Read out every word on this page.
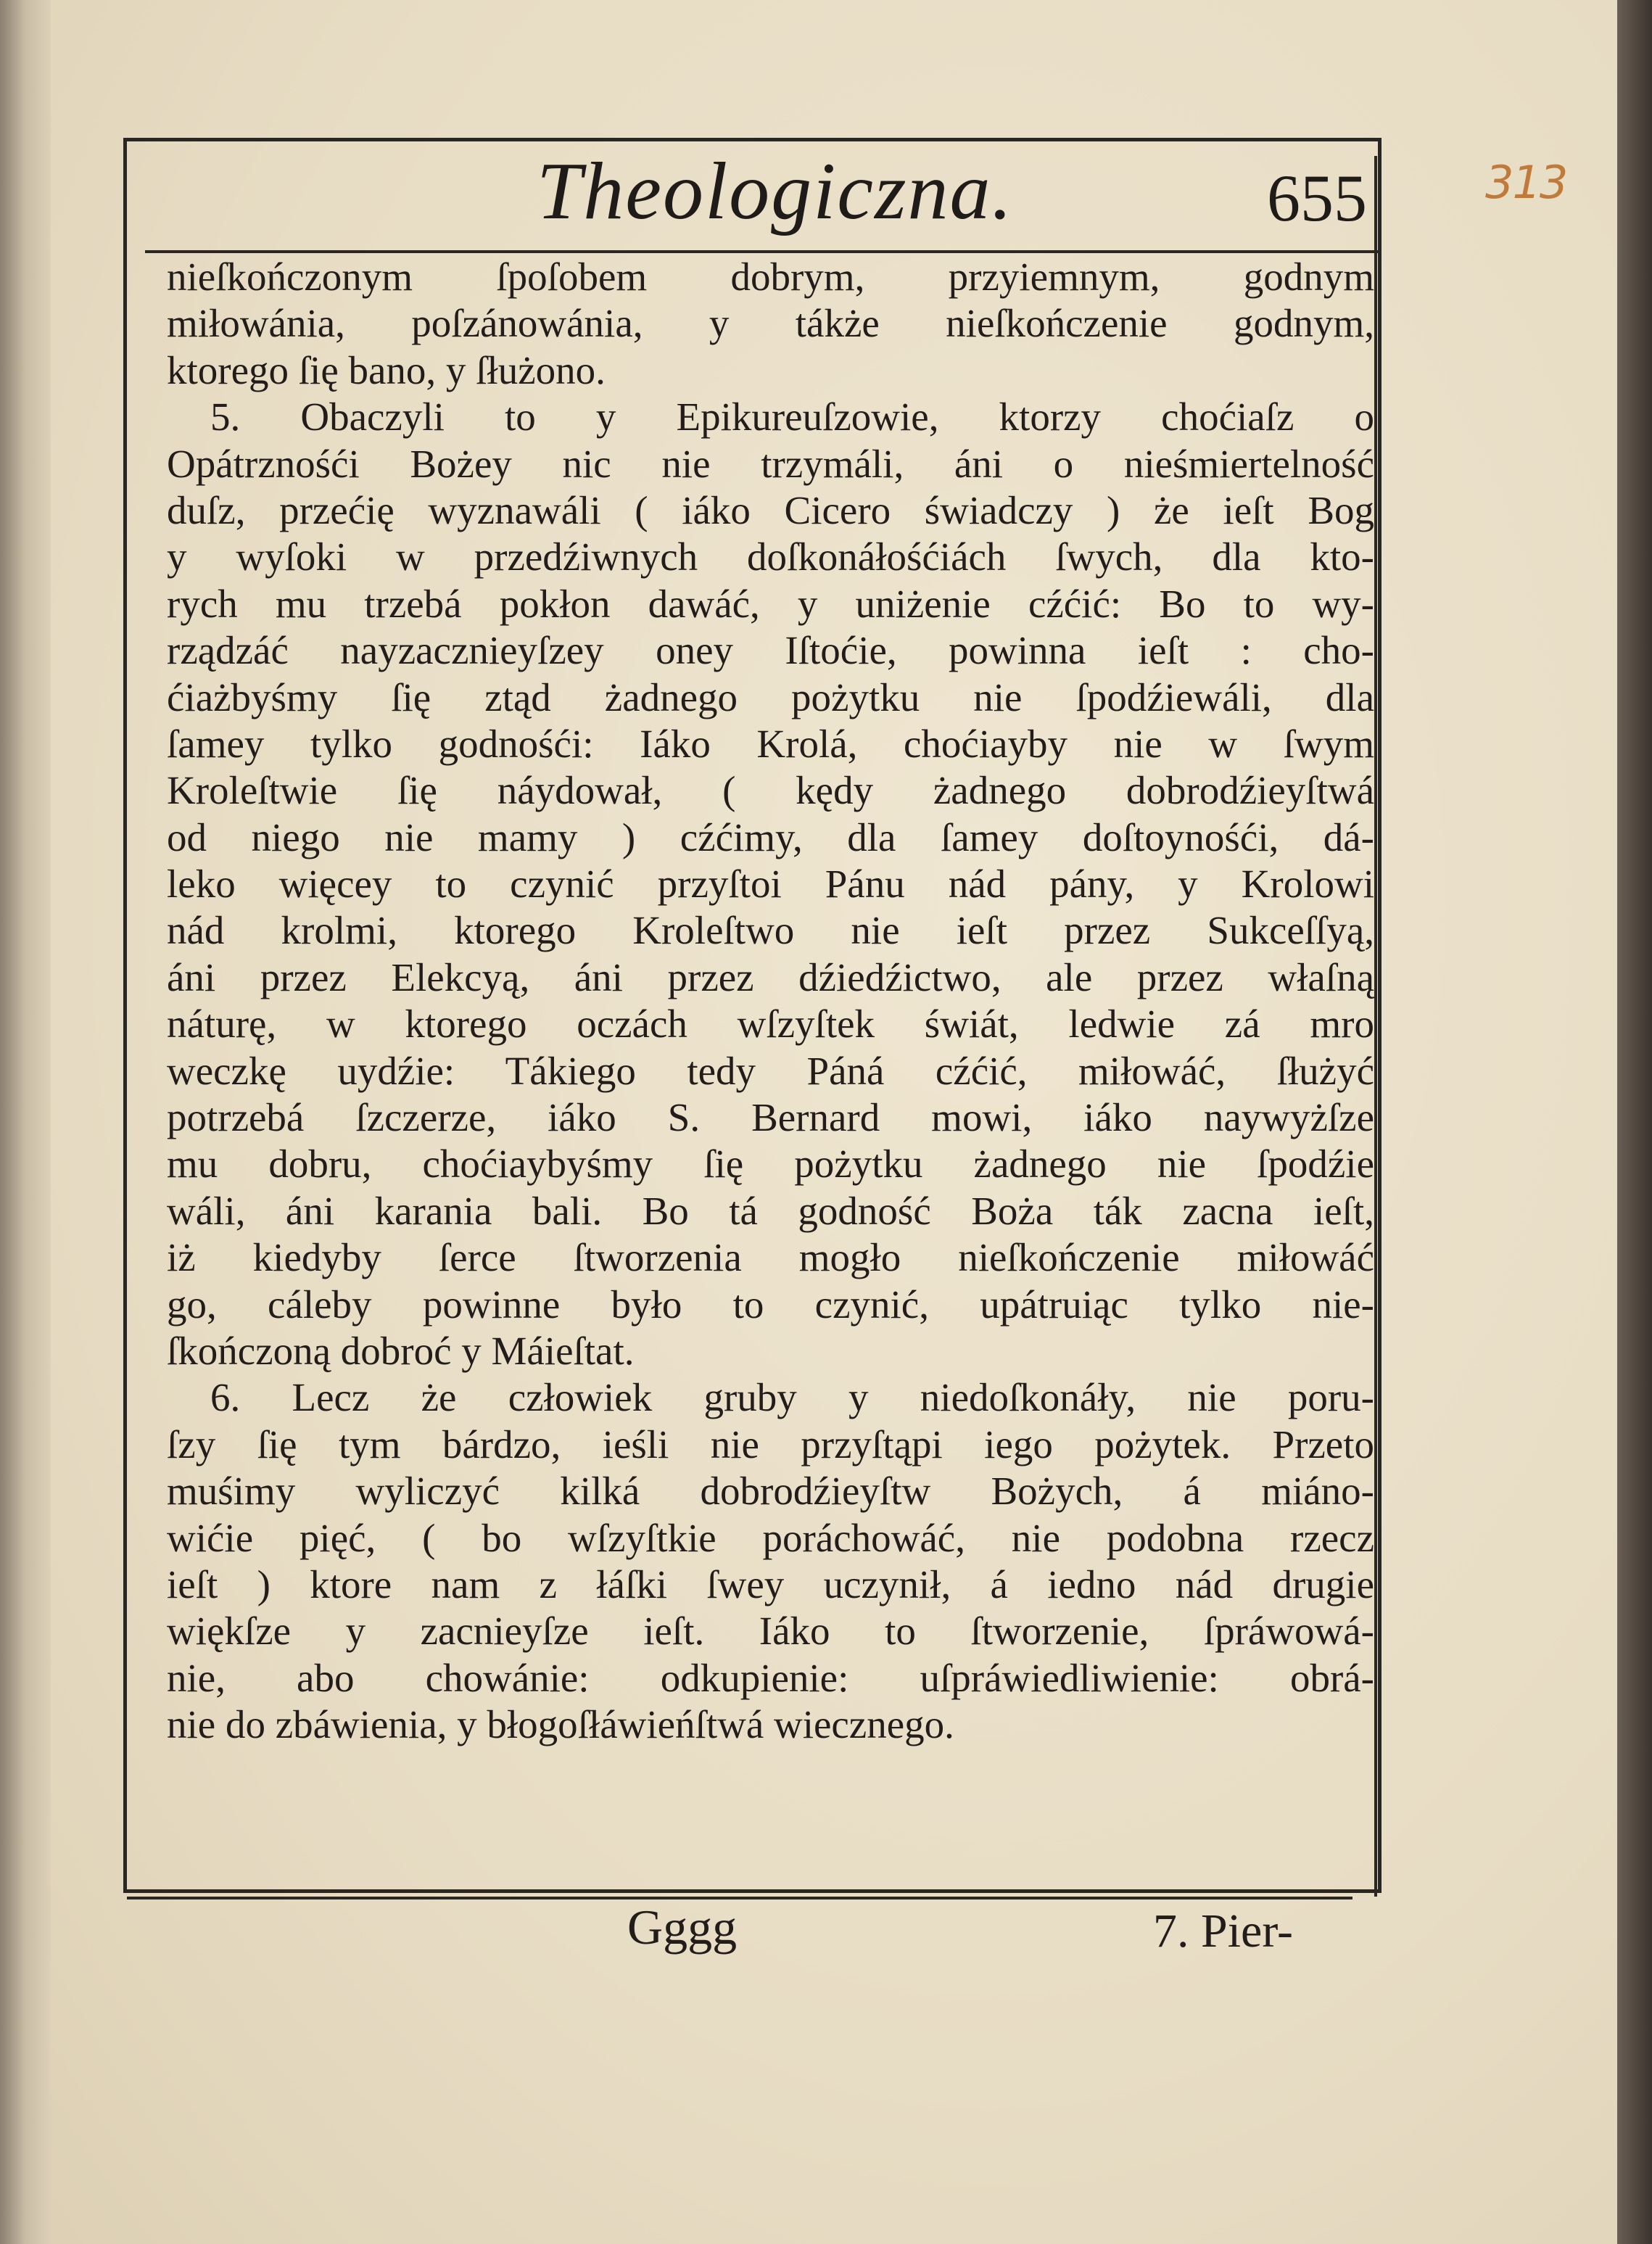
Theologiczna.	655	313
nieſkończonym ſpoſobem dobrym, przyiemnym, godnym
miłowánia, poſzánowánia, y tákże nieſkończenie godnym,
ktorego ſię bano, y ſłużono.
5. Obaczyli to y Epikureuſzowie, ktorzy choćiaſz o
Opátrznośći Bożey nic nie trzymáli, áni o nieśmiertelność
duſz, przećię wyznawáli ( iáko Cicero świadczy ) że ieſt Bog
y wyſoki w przedźiwnych doſkonáłośćiách ſwych, dla kto-
rych mu trzebá pokłon dawáć, y uniżenie cźćić: Bo to wy-
rządzáć nayzacznieyſzey oney Iſtoćie, powinna ieſt : cho-
ćiażbyśmy ſię ztąd żadnego pożytku nie ſpodźiewáli, dla
ſamey tylko godnośći: Iáko Krolá, choćiayby nie w ſwym
Kroleſtwie ſię náydował, ( kędy żadnego dobrodźieyſtwá
od niego nie mamy ) cźćimy, dla ſamey doſtoynośći, dá-
leko więcey to czynić przyſtoi Pánu nád pány, y Krolowi
nád krolmi, ktorego Kroleſtwo nie ieſt przez Sukceſſyą,
áni przez Elekcyą, áni przez dźiedźictwo, ale przez właſną
náturę, w ktorego oczách wſzyſtek świát, ledwie zá mro
weczkę uydźie: Tákiego tedy Páná cźćić, miłowáć, ſłużyć
potrzebá ſzczerze, iáko S. Bernard mowi, iáko naywyżſze
mu dobru, choćiaybyśmy ſię pożytku żadnego nie ſpodźie
wáli, áni karania bali. Bo tá godność Boża ták zacna ieſt,
iż kiedyby ſerce ſtworzenia mogło nieſkończenie miłowáć
go, cáleby powinne było to czynić, upátruiąc tylko nie-
ſkończoną dobroć y Máieſtat.
6. Lecz że człowiek gruby y niedoſkonáły, nie poru-
ſzy ſię tym bárdzo, ieśli nie przyſtąpi iego pożytek. Przeto
muśimy wyliczyć kilká dobrodźieyſtw Bożych, á miáno-
wićie pięć, ( bo wſzyſtkie poráchowáć, nie podobna rzecz
ieſt ) ktore nam z łáſki ſwey uczynił, á iedno nád drugie
więkſze y zacnieyſze ieſt. Iáko to ſtworzenie, ſpráwowá-
nie, abo chowánie: odkupienie: uſpráwiedliwienie: obrá-
nie do zbáwienia, y błogoſłáwieńſtwá wiecznego.
Gggg	7. Pier-
